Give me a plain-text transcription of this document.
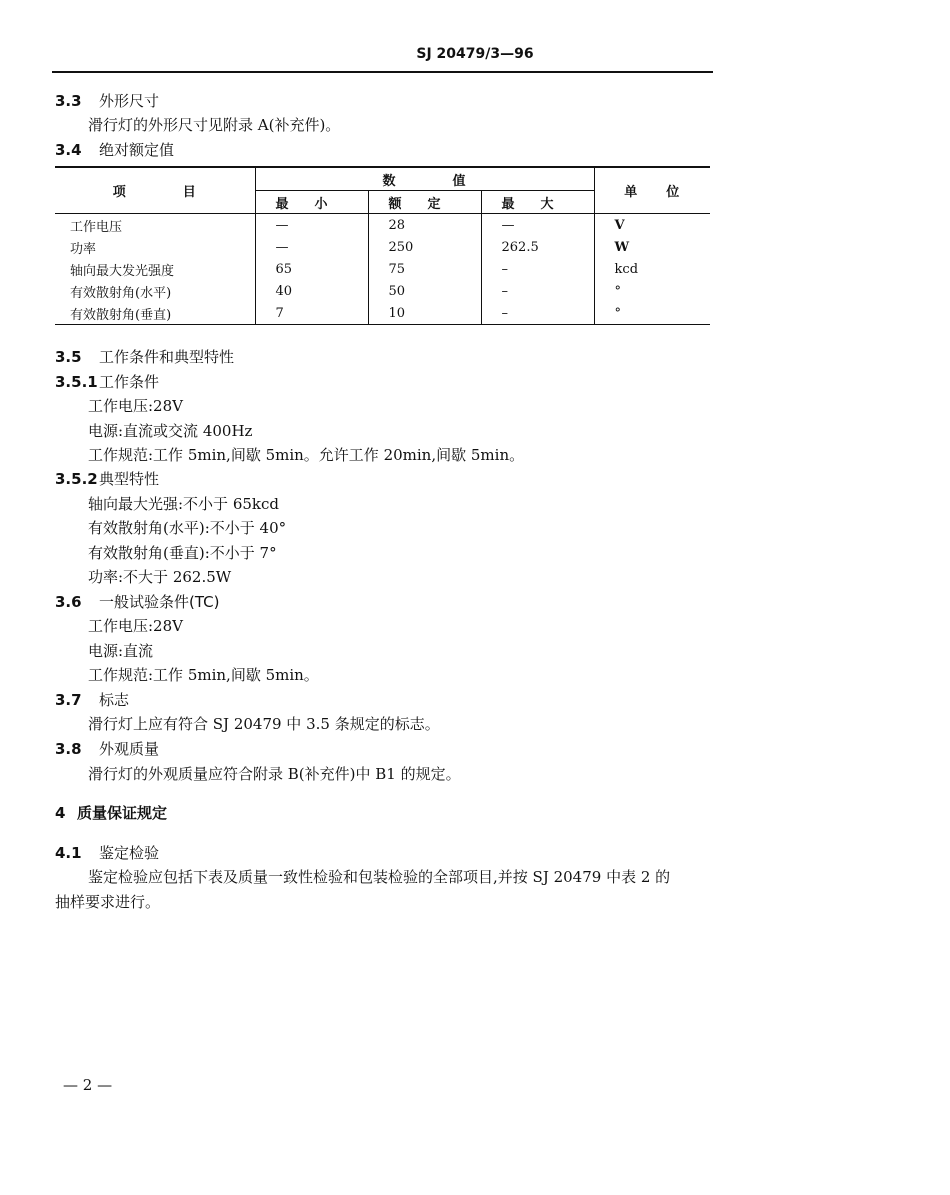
SJ 20479/3—96
3.3 外形尺寸
滑行灯的外形尺寸见附录 A(补充件)。
3.4 绝对额定值
项　　　　目	数　　　　值			单　　位
	最　　小	额　　定	最　　大	
工作电压	—	28	—	V
功率	—	250	262.5	W
轴向最大发光强度	65	75	–	kcd
有效散射角(水平)	40	50	–	°
有效散射角(垂直)	7	10	–	°
3.5 工作条件和典型特性
3.5.1工作条件
工作电压:28V
电源:直流或交流 400Hz
工作规范:工作 5min,间歇 5min。允许工作 20min,间歇 5min。
3.5.2典型特性
轴向最大光强:不小于 65kcd
有效散射角(水平):不小于 40°
有效散射角(垂直):不小于 7°
功率:不大于 262.5W
3.6 一般试验条件(TC)
工作电压:28V
电源:直流
工作规范:工作 5min,间歇 5min。
3.7 标志
滑行灯上应有符合 SJ 20479 中 3.5 条规定的标志。
3.8 外观质量
滑行灯的外观质量应符合附录 B(补充件)中 B1 的规定。
4 质量保证规定
4.1 鉴定检验
鉴定检验应包括下表及质量一致性检验和包装检验的全部项目,并按 SJ 20479 中表 2 的
抽样要求进行。
— 2 —
